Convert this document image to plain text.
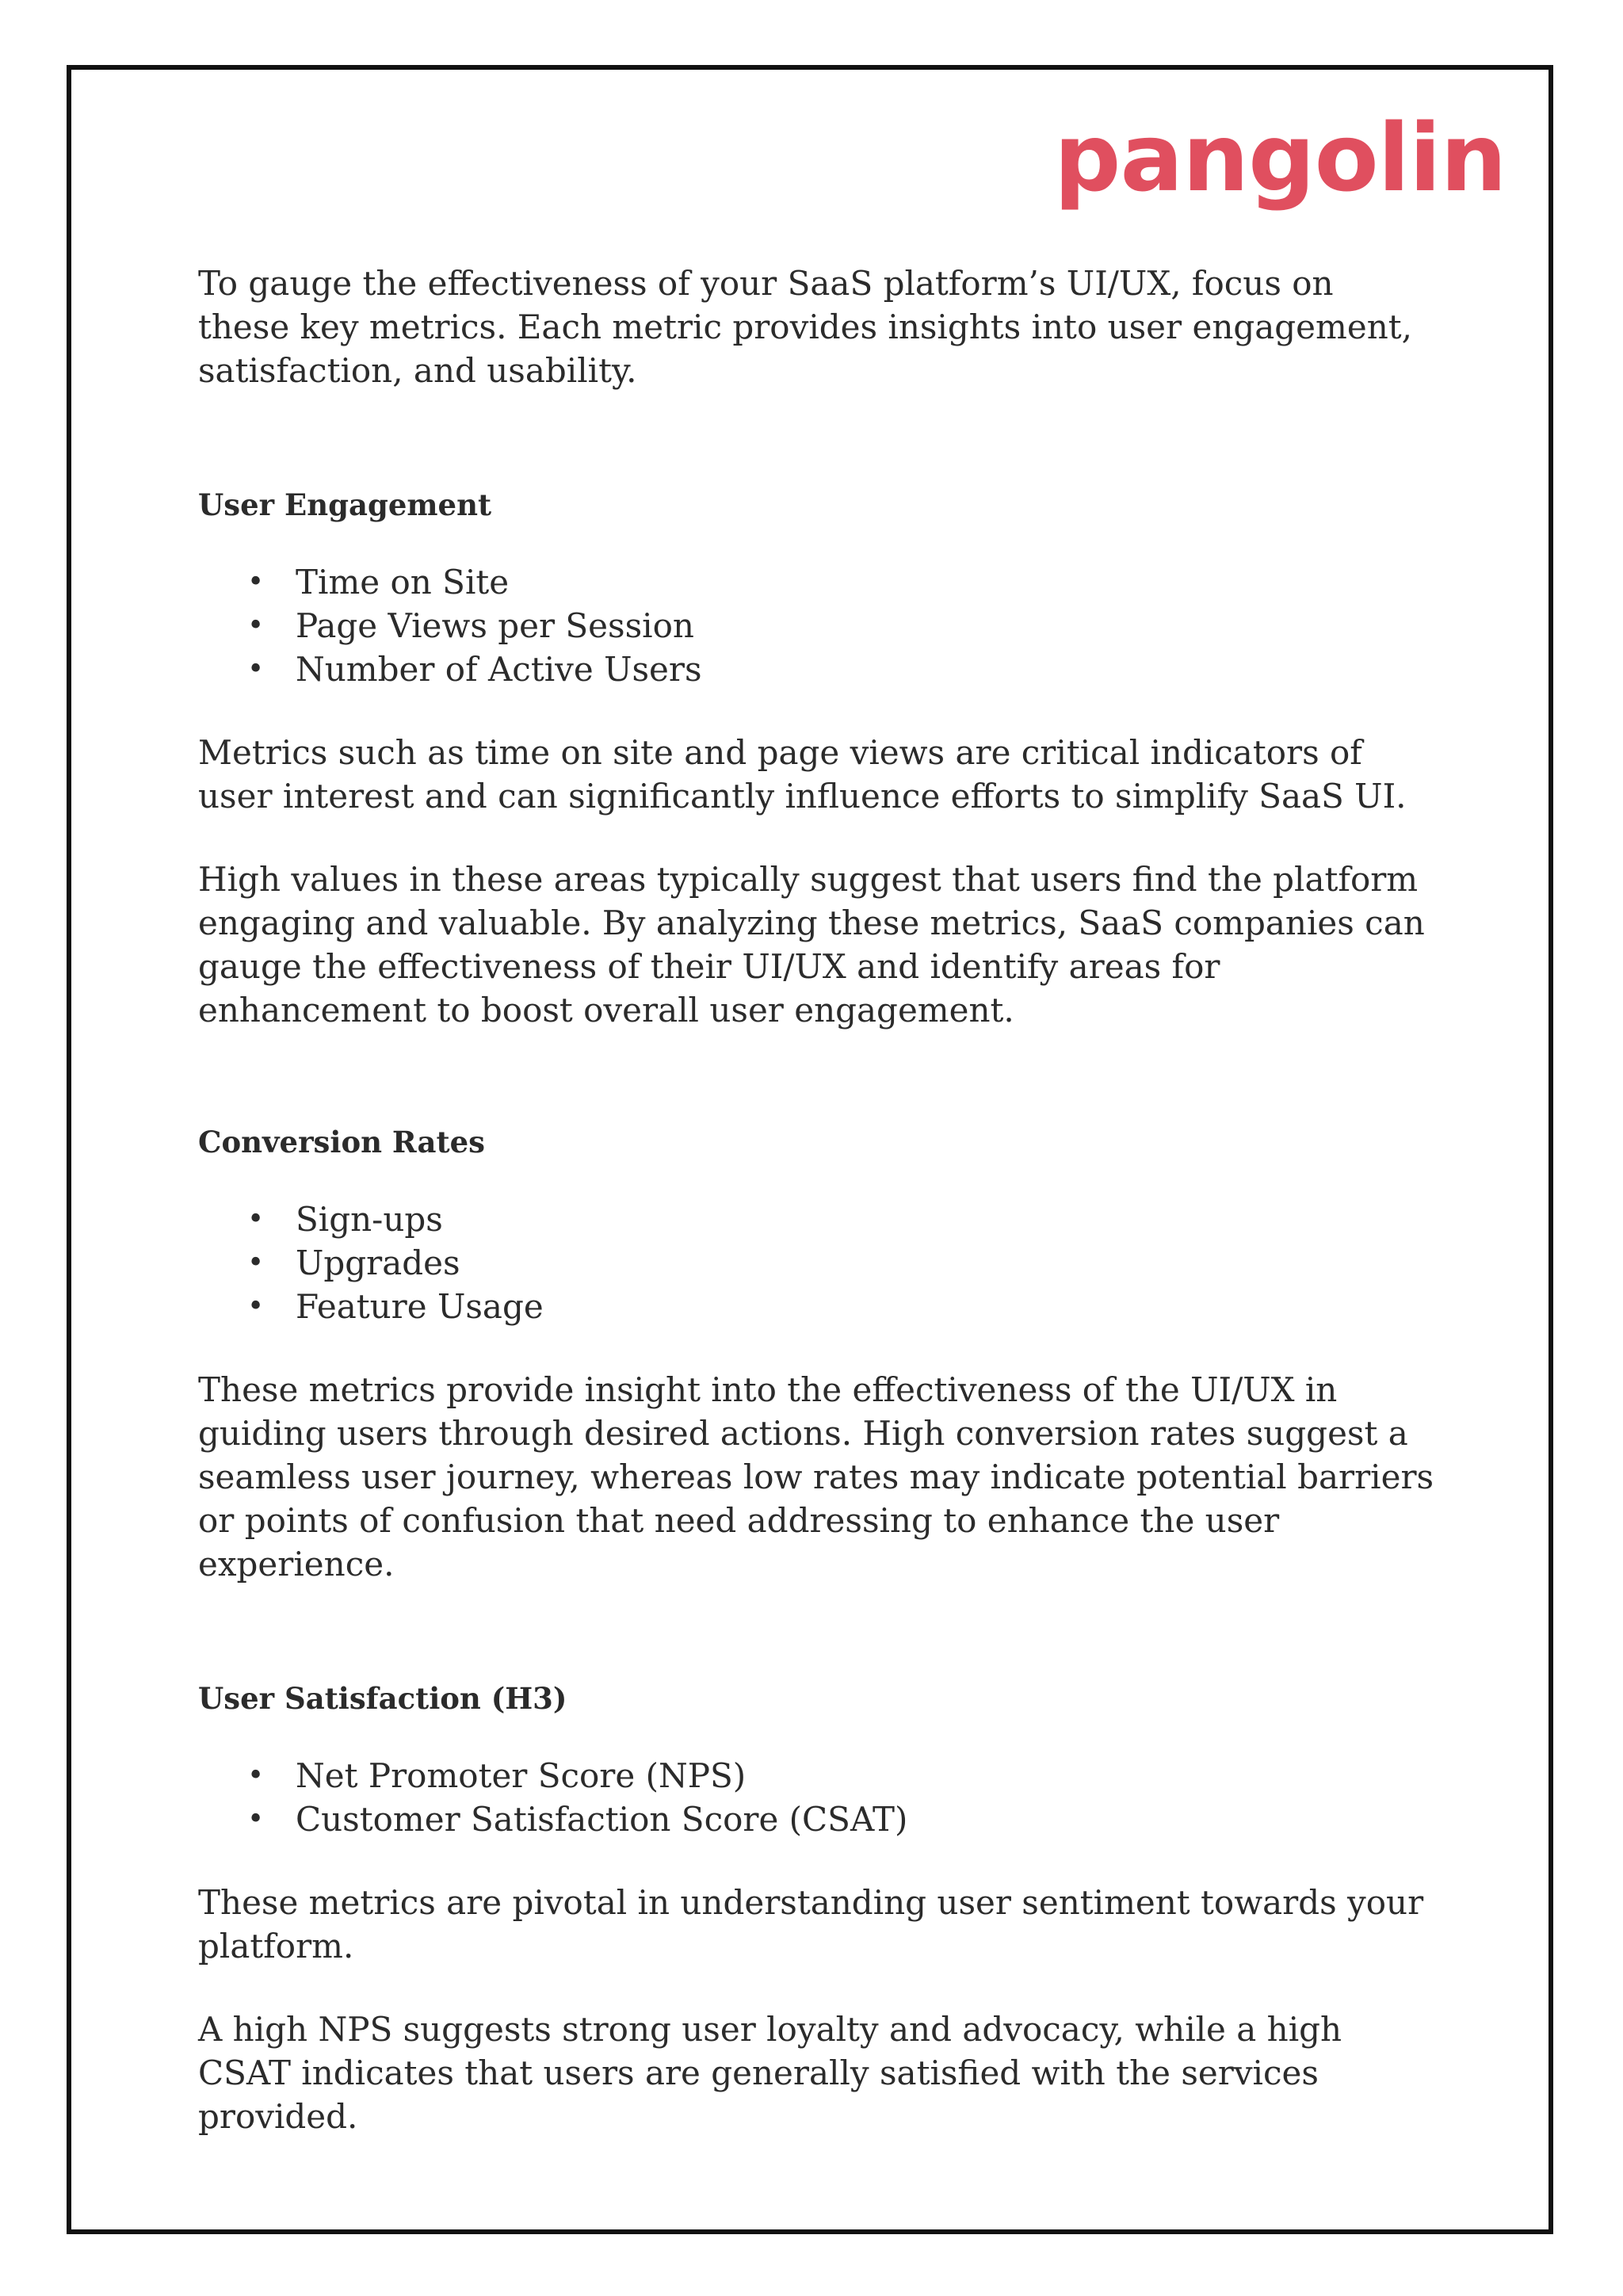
pangolin

To gauge the effectiveness of your SaaS platform’s UI/UX, focus on these key metrics. Each metric provides insights into user engagement, satisfaction, and usability.

User Engagement
• Time on Site
• Page Views per Session
• Number of Active Users

Metrics such as time on site and page views are critical indicators of user interest and can significantly influence efforts to simplify SaaS UI.

High values in these areas typically suggest that users find the platform engaging and valuable. By analyzing these metrics, SaaS companies can gauge the effectiveness of their UI/UX and identify areas for enhancement to boost overall user engagement.

Conversion Rates
• Sign-ups
• Upgrades
• Feature Usage

These metrics provide insight into the effectiveness of the UI/UX in guiding users through desired actions. High conversion rates suggest a seamless user journey, whereas low rates may indicate potential barriers or points of confusion that need addressing to enhance the user experience.

User Satisfaction (H3)
• Net Promoter Score (NPS)
• Customer Satisfaction Score (CSAT)

These metrics are pivotal in understanding user sentiment towards your platform.

A high NPS suggests strong user loyalty and advocacy, while a high CSAT indicates that users are generally satisfied with the services provided.
